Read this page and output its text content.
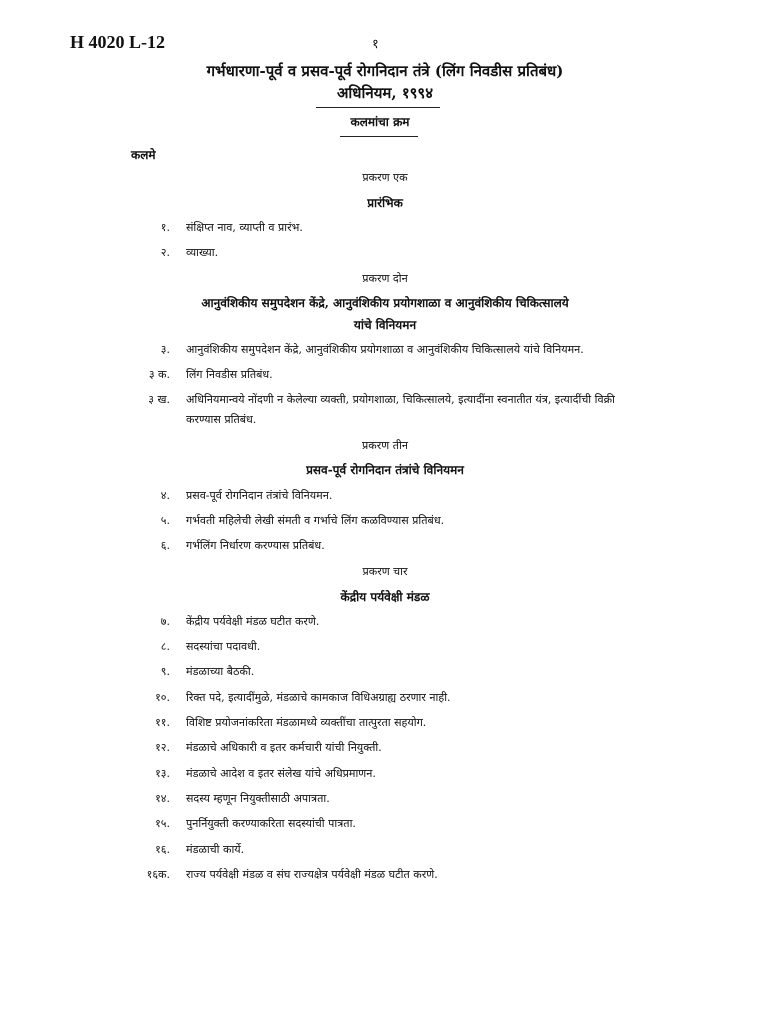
H 4020 L-12	१
गर्भधारणा-पूर्व व प्रसव-पूर्व रोगनिदान तंत्रे (लिंग निवडीस प्रतिबंध)
अधिनियम, १९९४
कलमांचा क्रम
कलमे
प्रकरण एक
प्रारंभिक
१. संक्षिप्त नाव, व्याप्ती व प्रारंभ.
२. व्याख्या.
प्रकरण दोन
आनुवंशिकीय समुपदेशन केंद्रे, आनुवंशिकीय प्रयोगशाळा व आनुवंशिकीय चिकित्सालये
यांचे विनियमन
३. आनुवंशिकीय समुपदेशन केंद्रे, आनुवंशिकीय प्रयोगशाळा व आनुवंशिकीय चिकित्सालये यांचे विनियमन.
३ क. लिंग निवडीस प्रतिबंध.
३ ख. अधिनियमान्वये नोंदणी न केलेल्या व्यक्ती, प्रयोगशाळा, चिकित्सालये, इत्यादींना स्वनातीत यंत्र, इत्यादींची विक्री करण्यास प्रतिबंध.
प्रकरण तीन
प्रसव-पूर्व रोगनिदान तंत्रांचे विनियमन
४. प्रसव-पूर्व रोगनिदान तंत्रांचे विनियमन.
५. गर्भवती महिलेची लेखी संमती व गर्भाचे लिंग कळविण्यास प्रतिबंध.
६. गर्भलिंग निर्धारण करण्यास प्रतिबंध.
प्रकरण चार
केंद्रीय पर्यवेक्षी मंडळ
७. केंद्रीय पर्यवेक्षी मंडळ घटीत करणे.
८. सदस्यांचा पदावधी.
९. मंडळाच्या बैठकी.
१०. रिक्त पदे, इत्यादींमुळे, मंडळाचे कामकाज विधिअग्राह्य ठरणार नाही.
११. विशिष्ट प्रयोजनांकरिता मंडळामध्ये व्यक्तींचा तात्पुरता सहयोग.
१२. मंडळाचे अधिकारी व इतर कर्मचारी यांची नियुक्ती.
१३. मंडळाचे आदेश व इतर संलेख यांचे अधिप्रमाणन.
१४. सदस्य म्हणून नियुक्तीसाठी अपात्रता.
१५. पुनर्नियुक्ती करण्याकरिता सदस्यांची पात्रता.
१६. मंडळाची कार्ये.
१६क. राज्य पर्यवेक्षी मंडळ व संघ राज्यक्षेत्र पर्यवेक्षी मंडळ घटीत करणे.
